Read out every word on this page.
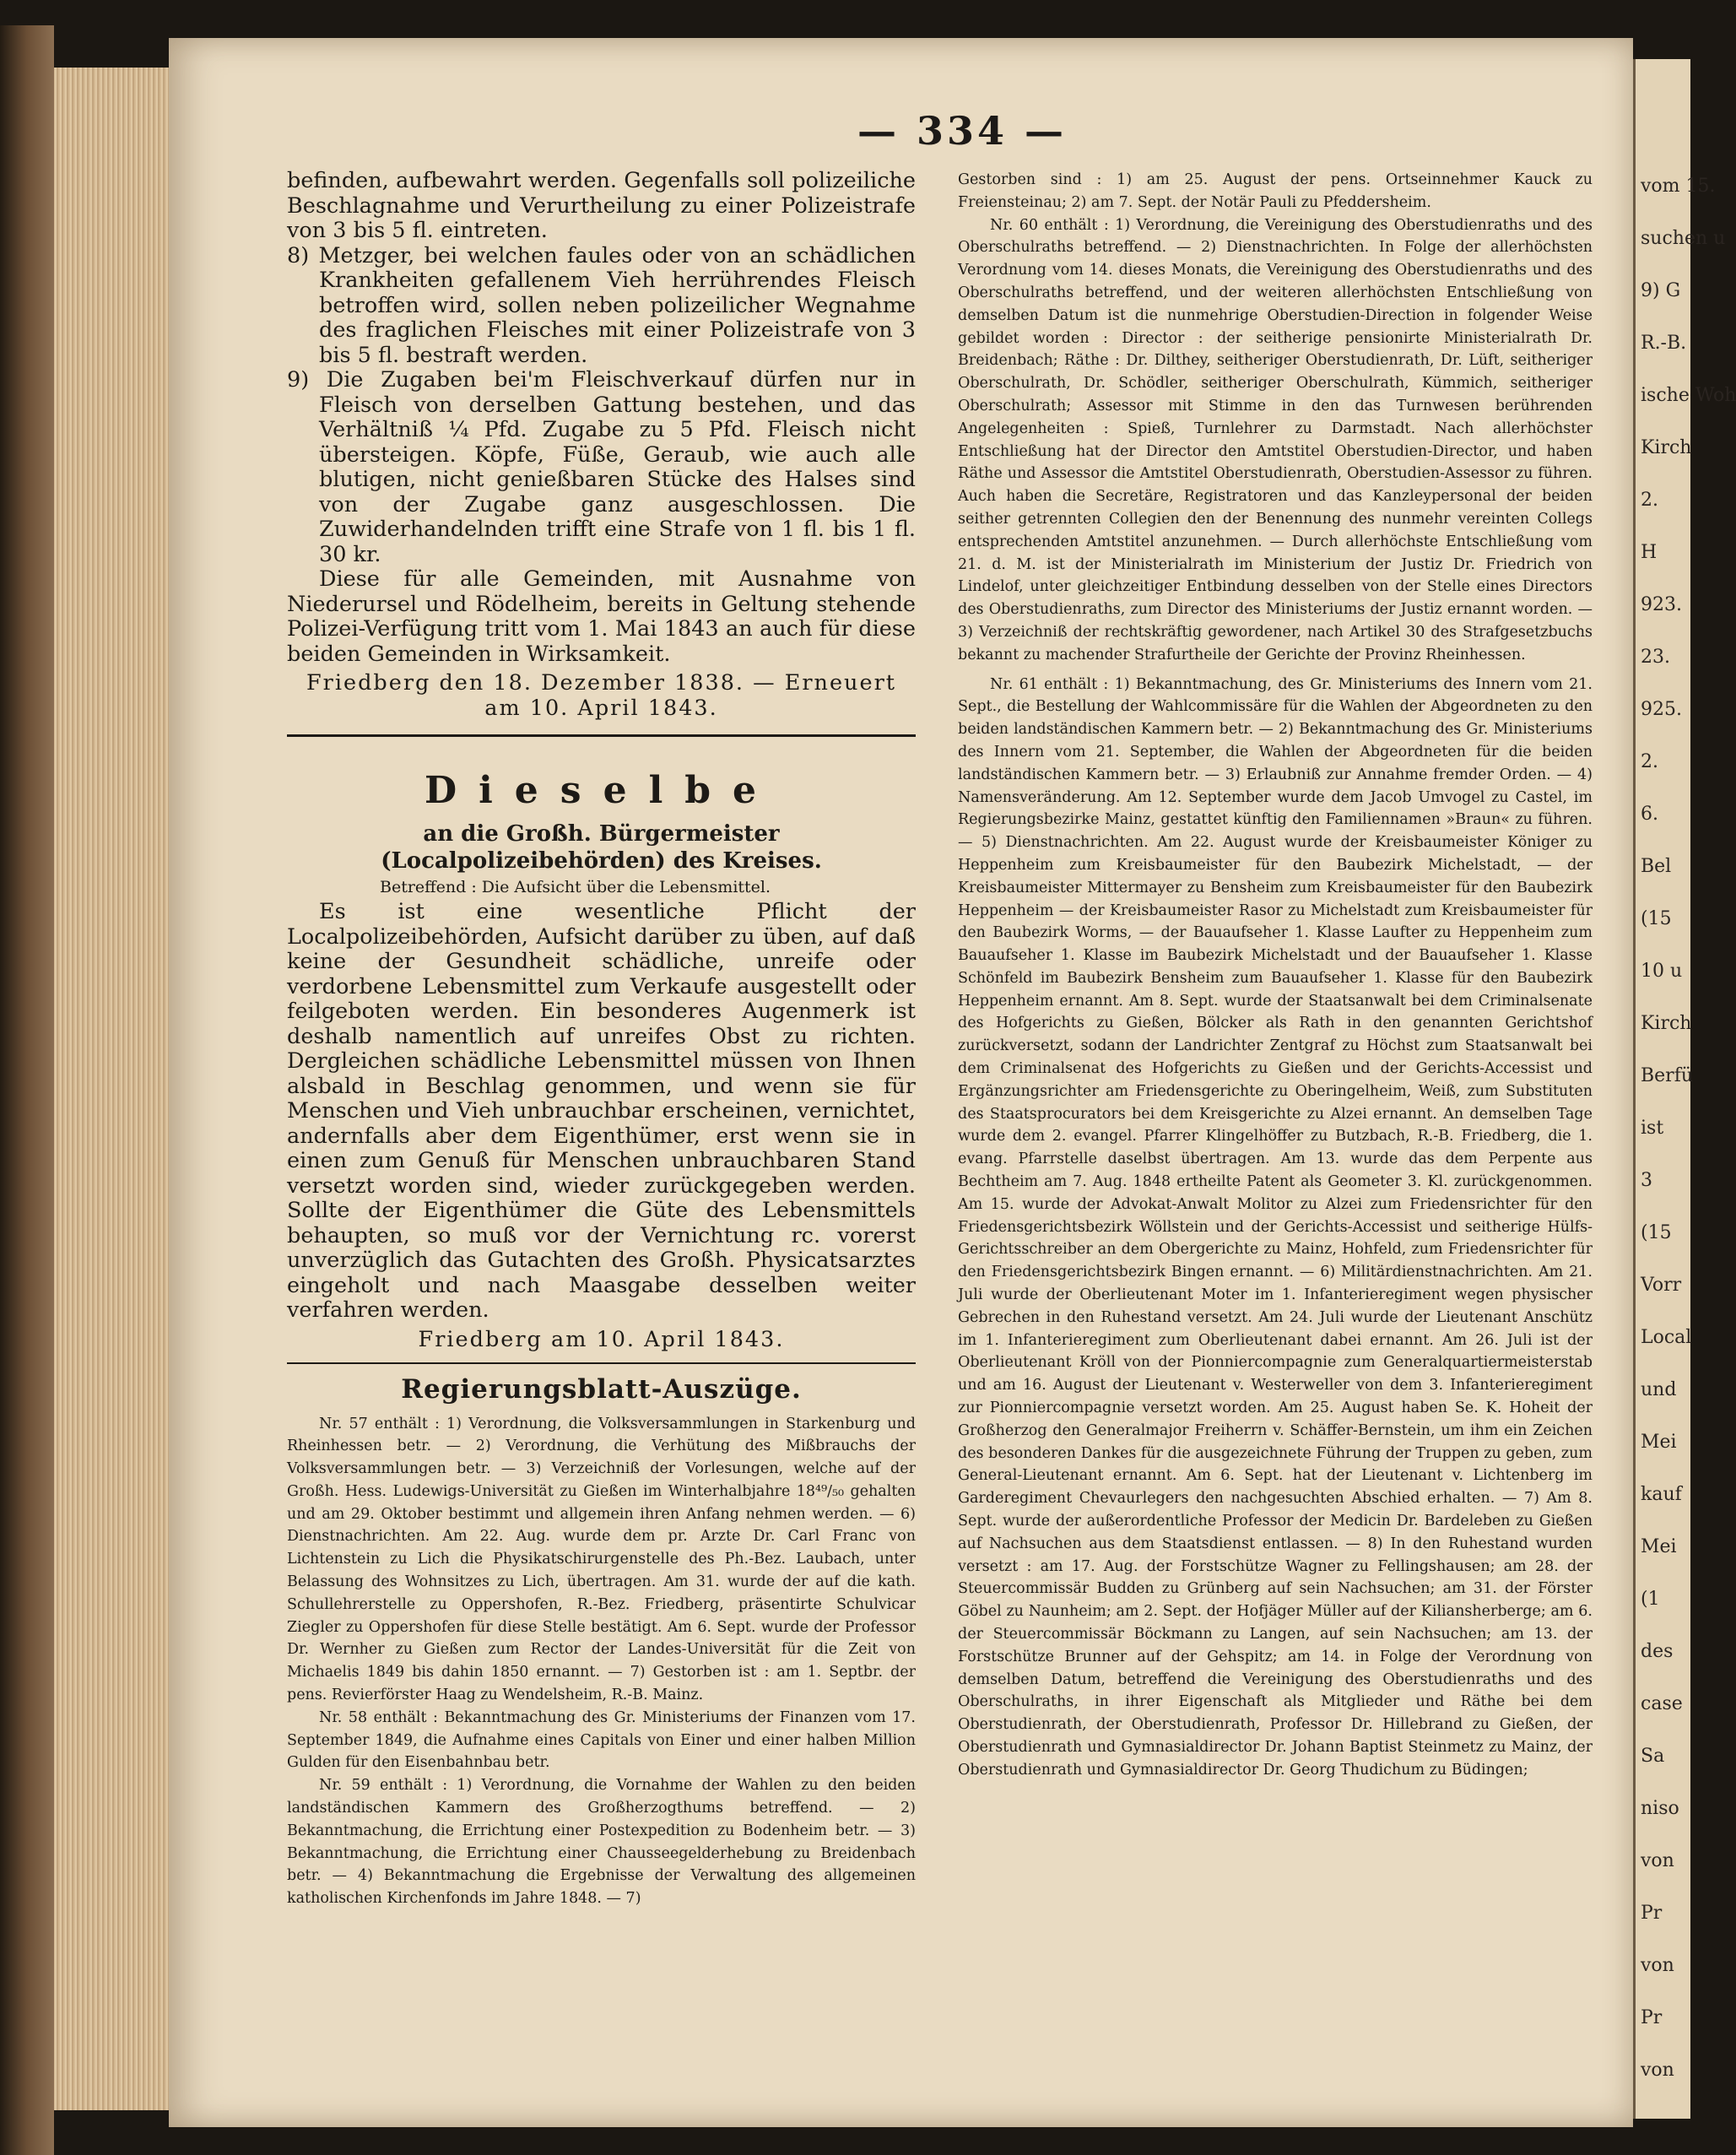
vom 15.
suchen u
9) G
R.-B.
ische Woh
Kirch
2.
H
923.
23.
925.
2.
6.
Bel
(15
10 u
Kirch
Berfü
ist
3
(15
Vorr
Local
und
Mei
kauf
Mei
(1
des
case
Sa
niso
von
Pr
von
Pr
von
— 334 —

befinden, aufbewahrt werden. Gegenfalls soll polizeiliche Beschlagnahme und Verurtheilung zu einer Polizeistrafe von 3 bis 5 fl. eintreten.

8) Metzger, bei welchen faules oder von an schädlichen Krankheiten gefallenem Vieh herrührendes Fleisch betroffen wird, sollen neben polizeilicher Wegnahme des fraglichen Fleisches mit einer Polizeistrafe von 3 bis 5 fl. bestraft werden.

9) Die Zugaben bei'm Fleischverkauf dürfen nur in Fleisch von derselben Gattung bestehen, und das Verhältniß ¼ Pfd. Zugabe zu 5 Pfd. Fleisch nicht übersteigen. Köpfe, Füße, Geraub, wie auch alle blutigen, nicht genießbaren Stücke des Halses sind von der Zugabe ganz ausgeschlossen. Die Zuwiderhandelnden trifft eine Strafe von 1 fl. bis 1 fl. 30 kr.

Diese für alle Gemeinden, mit Ausnahme von Niederursel und Rödelheim, bereits in Geltung stehende Polizei-Verfügung tritt vom 1. Mai 1843 an auch für diese beiden Gemeinden in Wirksamkeit.

Friedberg den 18. Dezember 1838. — Erneuert am 10. April 1843.
Dieselbe
an die Großh. Bürgermeister (Localpolizeibehörden) des Kreises.

Betreffend : Die Aufsicht über die Lebensmittel.

Es ist eine wesentliche Pflicht der Localpolizeibehörden, Aufsicht darüber zu üben, auf daß keine der Gesundheit schädliche, unreife oder verdorbene Lebensmittel zum Verkaufe ausgestellt oder feilgeboten werden. Ein besonderes Augenmerk ist deshalb namentlich auf unreifes Obst zu richten. Dergleichen schädliche Lebensmittel müssen von Ihnen alsbald in Beschlag genommen, und wenn sie für Menschen und Vieh unbrauchbar erscheinen, vernichtet, andernfalls aber dem Eigenthümer, erst wenn sie in einen zum Genuß für Menschen unbrauchbaren Stand versetzt worden sind, wieder zurückgegeben werden. Sollte der Eigenthümer die Güte des Lebensmittels behaupten, so muß vor der Vernichtung rc. vorerst unverzüglich das Gutachten des Großh. Physicatsarztes eingeholt und nach Maasgabe desselben weiter verfahren werden.

Friedberg am 10. April 1843.
Regierungsblatt-Auszüge.

Nr. 57 enthält : 1) Verordnung, die Volksversammlungen in Starkenburg und Rheinhessen betr. — 2) Verordnung, die Verhütung des Mißbrauchs der Volksversammlungen betr. — 3) Verzeichniß der Vorlesungen, welche auf der Großh. Hess. Ludewigs-Universität zu Gießen im Winterhalbjahre 18⁴⁹/₅₀ gehalten und am 29. Oktober bestimmt und allgemein ihren Anfang nehmen werden. — 6) Dienstnachrichten. Am 22. Aug. wurde dem pr. Arzte Dr. Carl Franc von Lichtenstein zu Lich die Physikatschirurgenstelle des Ph.-Bez. Laubach, unter Belassung des Wohnsitzes zu Lich, übertragen. Am 31. wurde der auf die kath. Schullehrerstelle zu Oppershofen, R.-Bez. Friedberg, präsentirte Schulvicar Ziegler zu Oppershofen für diese Stelle bestätigt. Am 6. Sept. wurde der Professor Dr. Wernher zu Gießen zum Rector der Landes-Universität für die Zeit von Michaelis 1849 bis dahin 1850 ernannt. — 7) Gestorben ist : am 1. Septbr. der pens. Revierförster Haag zu Wendelsheim, R.-B. Mainz.

Nr. 58 enthält : Bekanntmachung des Gr. Ministeriums der Finanzen vom 17. September 1849, die Aufnahme eines Capitals von Einer und einer halben Million Gulden für den Eisenbahnbau betr.

Nr. 59 enthält : 1) Verordnung, die Vornahme der Wahlen zu den beiden landständischen Kammern des Großherzogthums betreffend. — 2) Bekanntmachung, die Errichtung einer Postexpedition zu Bodenheim betr. — 3) Bekanntmachung, die Errichtung einer Chausseegelderhebung zu Breidenbach betr. — 4) Bekanntmachung die Ergebnisse der Verwaltung des allgemeinen katholischen Kirchenfonds im Jahre 1848. — 7)

Gestorben sind : 1) am 25. August der pens. Ortseinnehmer Kauck zu Freiensteinau; 2) am 7. Sept. der Notär Pauli zu Pfeddersheim.

Nr. 60 enthält : 1) Verordnung, die Vereinigung des Oberstudienraths und des Oberschulraths betreffend. — 2) Dienstnachrichten. In Folge der allerhöchsten Verordnung vom 14. dieses Monats, die Vereinigung des Oberstudienraths und des Oberschulraths betreffend, und der weiteren allerhöchsten Entschließung von demselben Datum ist die nunmehrige Oberstudien-Direction in folgender Weise gebildet worden : Director : der seitherige pensionirte Ministerialrath Dr. Breidenbach; Räthe : Dr. Dilthey, seitheriger Oberstudienrath, Dr. Lüft, seitheriger Oberschulrath, Dr. Schödler, seitheriger Oberschulrath, Kümmich, seitheriger Oberschulrath; Assessor mit Stimme in den das Turnwesen berührenden Angelegenheiten : Spieß, Turnlehrer zu Darmstadt. Nach allerhöchster Entschließung hat der Director den Amtstitel Oberstudien-Director, und haben Räthe und Assessor die Amtstitel Oberstudienrath, Oberstudien-Assessor zu führen. Auch haben die Secretäre, Registratoren und das Kanzleypersonal der beiden seither getrennten Collegien den der Benennung des nunmehr vereinten Collegs entsprechenden Amtstitel anzunehmen. — Durch allerhöchste Entschließung vom 21. d. M. ist der Ministerialrath im Ministerium der Justiz Dr. Friedrich von Lindelof, unter gleichzeitiger Entbindung desselben von der Stelle eines Directors des Oberstudienraths, zum Director des Ministeriums der Justiz ernannt worden. — 3) Verzeichniß der rechtskräftig gewordener, nach Artikel 30 des Strafgesetzbuchs bekannt zu machender Strafurtheile der Gerichte der Provinz Rheinhessen.

Nr. 61 enthält : 1) Bekanntmachung, des Gr. Ministeriums des Innern vom 21. Sept., die Bestellung der Wahlcommissäre für die Wahlen der Abgeordneten zu den beiden landständischen Kammern betr. — 2) Bekanntmachung des Gr. Ministeriums des Innern vom 21. September, die Wahlen der Abgeordneten für die beiden landständischen Kammern betr. — 3) Erlaubniß zur Annahme fremder Orden. — 4) Namensveränderung. Am 12. September wurde dem Jacob Umvogel zu Castel, im Regierungsbezirke Mainz, gestattet künftig den Familiennamen »Braun« zu führen. — 5) Dienstnachrichten. Am 22. August wurde der Kreisbaumeister Königer zu Heppenheim zum Kreisbaumeister für den Baubezirk Michelstadt, — der Kreisbaumeister Mittermayer zu Bensheim zum Kreisbaumeister für den Baubezirk Heppenheim — der Kreisbaumeister Rasor zu Michelstadt zum Kreisbaumeister für den Baubezirk Worms, — der Bauaufseher 1. Klasse Laufter zu Heppenheim zum Bauaufseher 1. Klasse im Baubezirk Michelstadt und der Bauaufseher 1. Klasse Schönfeld im Baubezirk Bensheim zum Bauaufseher 1. Klasse für den Baubezirk Heppenheim ernannt. Am 8. Sept. wurde der Staatsanwalt bei dem Criminalsenate des Hofgerichts zu Gießen, Bölcker als Rath in den genannten Gerichtshof zurückversetzt, sodann der Landrichter Zentgraf zu Höchst zum Staatsanwalt bei dem Criminalsenat des Hofgerichts zu Gießen und der Gerichts-Accessist und Ergänzungsrichter am Friedensgerichte zu Oberingelheim, Weiß, zum Substituten des Staatsprocurators bei dem Kreisgerichte zu Alzei ernannt. An demselben Tage wurde dem 2. evangel. Pfarrer Klingelhöffer zu Butzbach, R.-B. Friedberg, die 1. evang. Pfarrstelle daselbst übertragen. Am 13. wurde das dem Perpente aus Bechtheim am 7. Aug. 1848 ertheilte Patent als Geometer 3. Kl. zurückgenommen. Am 15. wurde der Advokat-Anwalt Molitor zu Alzei zum Friedensrichter für den Friedensgerichtsbezirk Wöllstein und der Gerichts-Accessist und seitherige Hülfs-Gerichtsschreiber an dem Obergerichte zu Mainz, Hohfeld, zum Friedensrichter für den Friedensgerichtsbezirk Bingen ernannt. — 6) Militärdienstnachrichten. Am 21. Juli wurde der Oberlieutenant Moter im 1. Infanterieregiment wegen physischer Gebrechen in den Ruhestand versetzt. Am 24. Juli wurde der Lieutenant Anschütz im 1. Infanterieregiment zum Oberlieutenant dabei ernannt. Am 26. Juli ist der Oberlieutenant Kröll von der Pionniercompagnie zum Generalquartiermeisterstab und am 16. August der Lieutenant v. Westerweller von dem 3. Infanterieregiment zur Pionniercompagnie versetzt worden. Am 25. August haben Se. K. Hoheit der Großherzog den Generalmajor Freiherrn v. Schäffer-Bernstein, um ihm ein Zeichen des besonderen Dankes für die ausgezeichnete Führung der Truppen zu geben, zum General-Lieutenant ernannt. Am 6. Sept. hat der Lieutenant v. Lichtenberg im Garderegiment Chevaurlegers den nachgesuchten Abschied erhalten. — 7) Am 8. Sept. wurde der außerordentliche Professor der Medicin Dr. Bardeleben zu Gießen auf Nachsuchen aus dem Staatsdienst entlassen. — 8) In den Ruhestand wurden versetzt : am 17. Aug. der Forstschütze Wagner zu Fellingshausen; am 28. der Steuercommissär Budden zu Grünberg auf sein Nachsuchen; am 31. der Förster Göbel zu Naunheim; am 2. Sept. der Hofjäger Müller auf der Kiliansherberge; am 6. der Steuercommissär Böckmann zu Langen, auf sein Nachsuchen; am 13. der Forstschütze Brunner auf der Gehspitz; am 14. in Folge der Verordnung von demselben Datum, betreffend die Vereinigung des Oberstudienraths und des Oberschulraths, in ihrer Eigenschaft als Mitglieder und Räthe bei dem Oberstudienrath, der Oberstudienrath, Professor Dr. Hillebrand zu Gießen, der Oberstudienrath und Gymnasialdirector Dr. Johann Baptist Steinmetz zu Mainz, der Oberstudienrath und Gymnasialdirector Dr. Georg Thudichum zu Büdingen;
